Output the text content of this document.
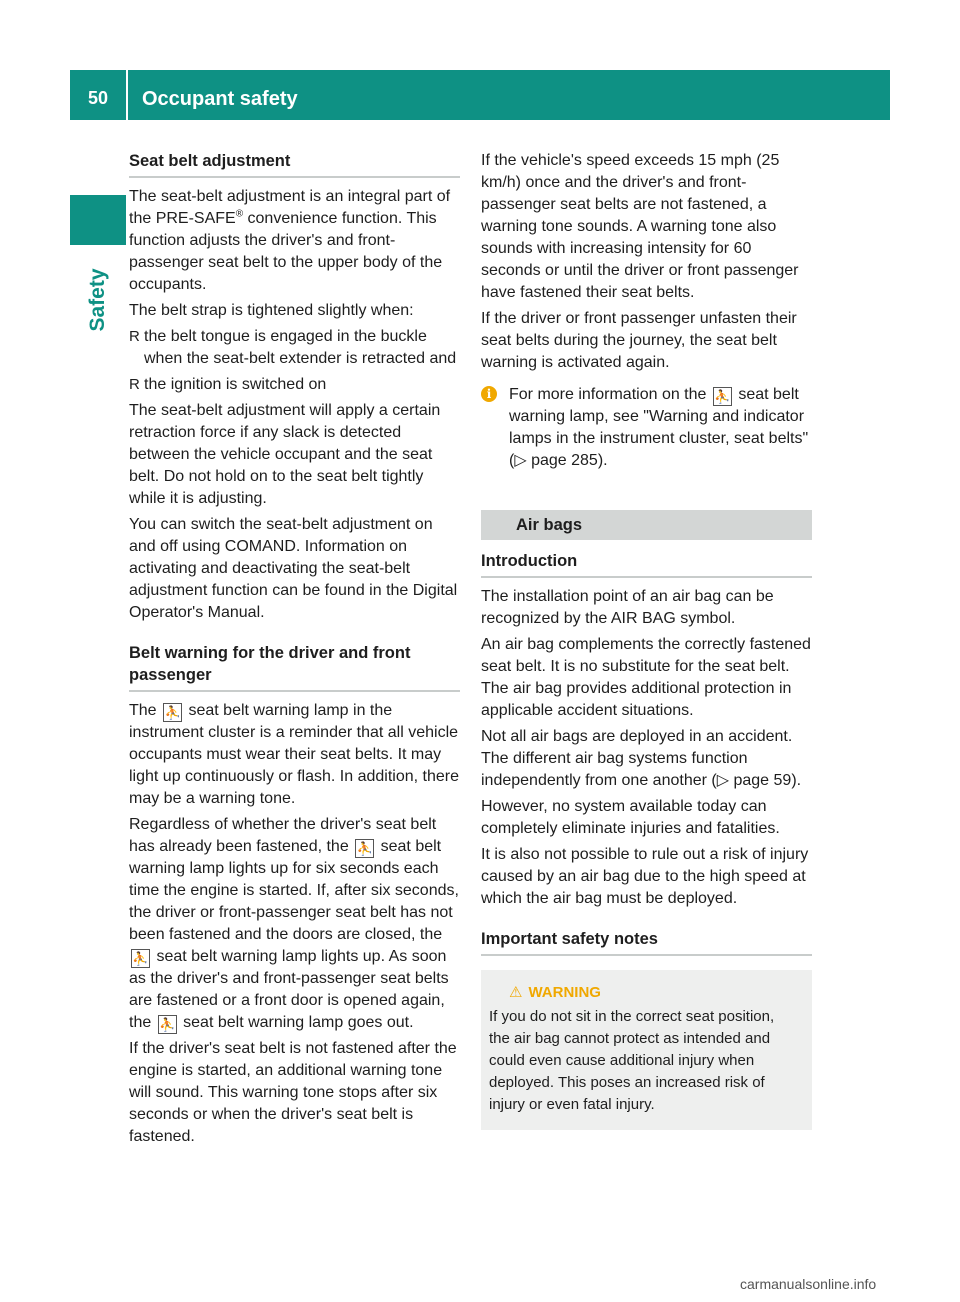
50	Occupant safety
Safety
Seat belt adjustment

The seat-belt adjustment is an integral part of the PRE-SAFE® convenience function. This function adjusts the driver's and front-passenger seat belt to the upper body of the occupants.

The belt strap is tightened slightly when:

R the belt tongue is engaged in the buckle when the seat-belt extender is retracted and
R the ignition is switched on

The seat-belt adjustment will apply a certain retraction force if any slack is detected between the vehicle occupant and the seat belt. Do not hold on to the seat belt tightly while it is adjusting.

You can switch the seat-belt adjustment on and off using COMAND. Information on activating and deactivating the seat-belt adjustment function can be found in the Digital Operator's Manual.

Belt warning for the driver and front passenger

The ⛹ seat belt warning lamp in the instrument cluster is a reminder that all vehicle occupants must wear their seat belts. It may light up continuously or flash. In addition, there may be a warning tone.

Regardless of whether the driver's seat belt has already been fastened, the ⛹ seat belt warning lamp lights up for six seconds each time the engine is started. If, after six seconds, the driver or front-passenger seat belt has not been fastened and the doors are closed, the ⛹ seat belt warning lamp lights up. As soon as the driver's and front-passenger seat belts are fastened or a front door is opened again, the ⛹ seat belt warning lamp goes out.

If the driver's seat belt is not fastened after the engine is started, an additional warning tone will sound. This warning tone stops after six seconds or when the driver's seat belt is fastened.

If the vehicle's speed exceeds 15 mph (25 km/h) once and the driver's and front-passenger seat belts are not fastened, a warning tone sounds. A warning tone also sounds with increasing intensity for 60 seconds or until the driver or front passenger have fastened their seat belts.

If the driver or front passenger unfasten their seat belts during the journey, the seat belt warning is activated again.

i	For more information on the ⛹ seat belt warning lamp, see "Warning and indicator lamps in the instrument cluster, seat belts" (▷ page 285).
Air bags
Introduction

The installation point of an air bag can be recognized by the AIR BAG symbol.

An air bag complements the correctly fastened seat belt. It is no substitute for the seat belt. The air bag provides additional protection in applicable accident situations.

Not all air bags are deployed in an accident. The different air bag systems function independently from one another (▷ page 59).

However, no system available today can completely eliminate injuries and fatalities.

It is also not possible to rule out a risk of injury caused by an air bag due to the high speed at which the air bag must be deployed.

Important safety notes
⚠ WARNING
If you do not sit in the correct seat position, the air bag cannot protect as intended and could even cause additional injury when deployed. This poses an increased risk of injury or even fatal injury.
carmanualsonline.info
